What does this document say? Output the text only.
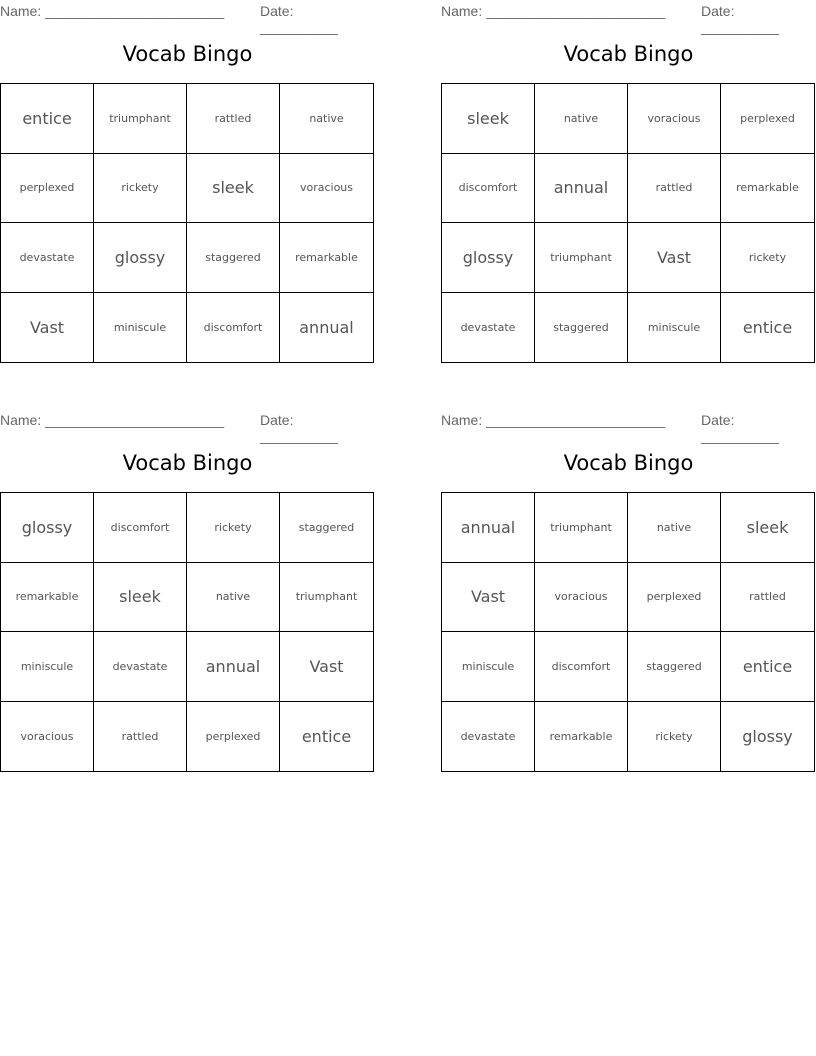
Name: _______________________	Date: __________
Vocab Bingo
entice	triumphant	rattled	native
perplexed	rickety	sleek	voracious
devastate	glossy	staggered	remarkable
Vast	miniscule	discomfort	annual
Name: _______________________	Date: __________
Vocab Bingo
sleek	native	voracious	perplexed
discomfort	annual	rattled	remarkable
glossy	triumphant	Vast	rickety
devastate	staggered	miniscule	entice
Name: _______________________	Date: __________
Vocab Bingo
glossy	discomfort	rickety	staggered
remarkable	sleek	native	triumphant
miniscule	devastate	annual	Vast
voracious	rattled	perplexed	entice
Name: _______________________	Date: __________
Vocab Bingo
annual	triumphant	native	sleek
Vast	voracious	perplexed	rattled
miniscule	discomfort	staggered	entice
devastate	remarkable	rickety	glossy
